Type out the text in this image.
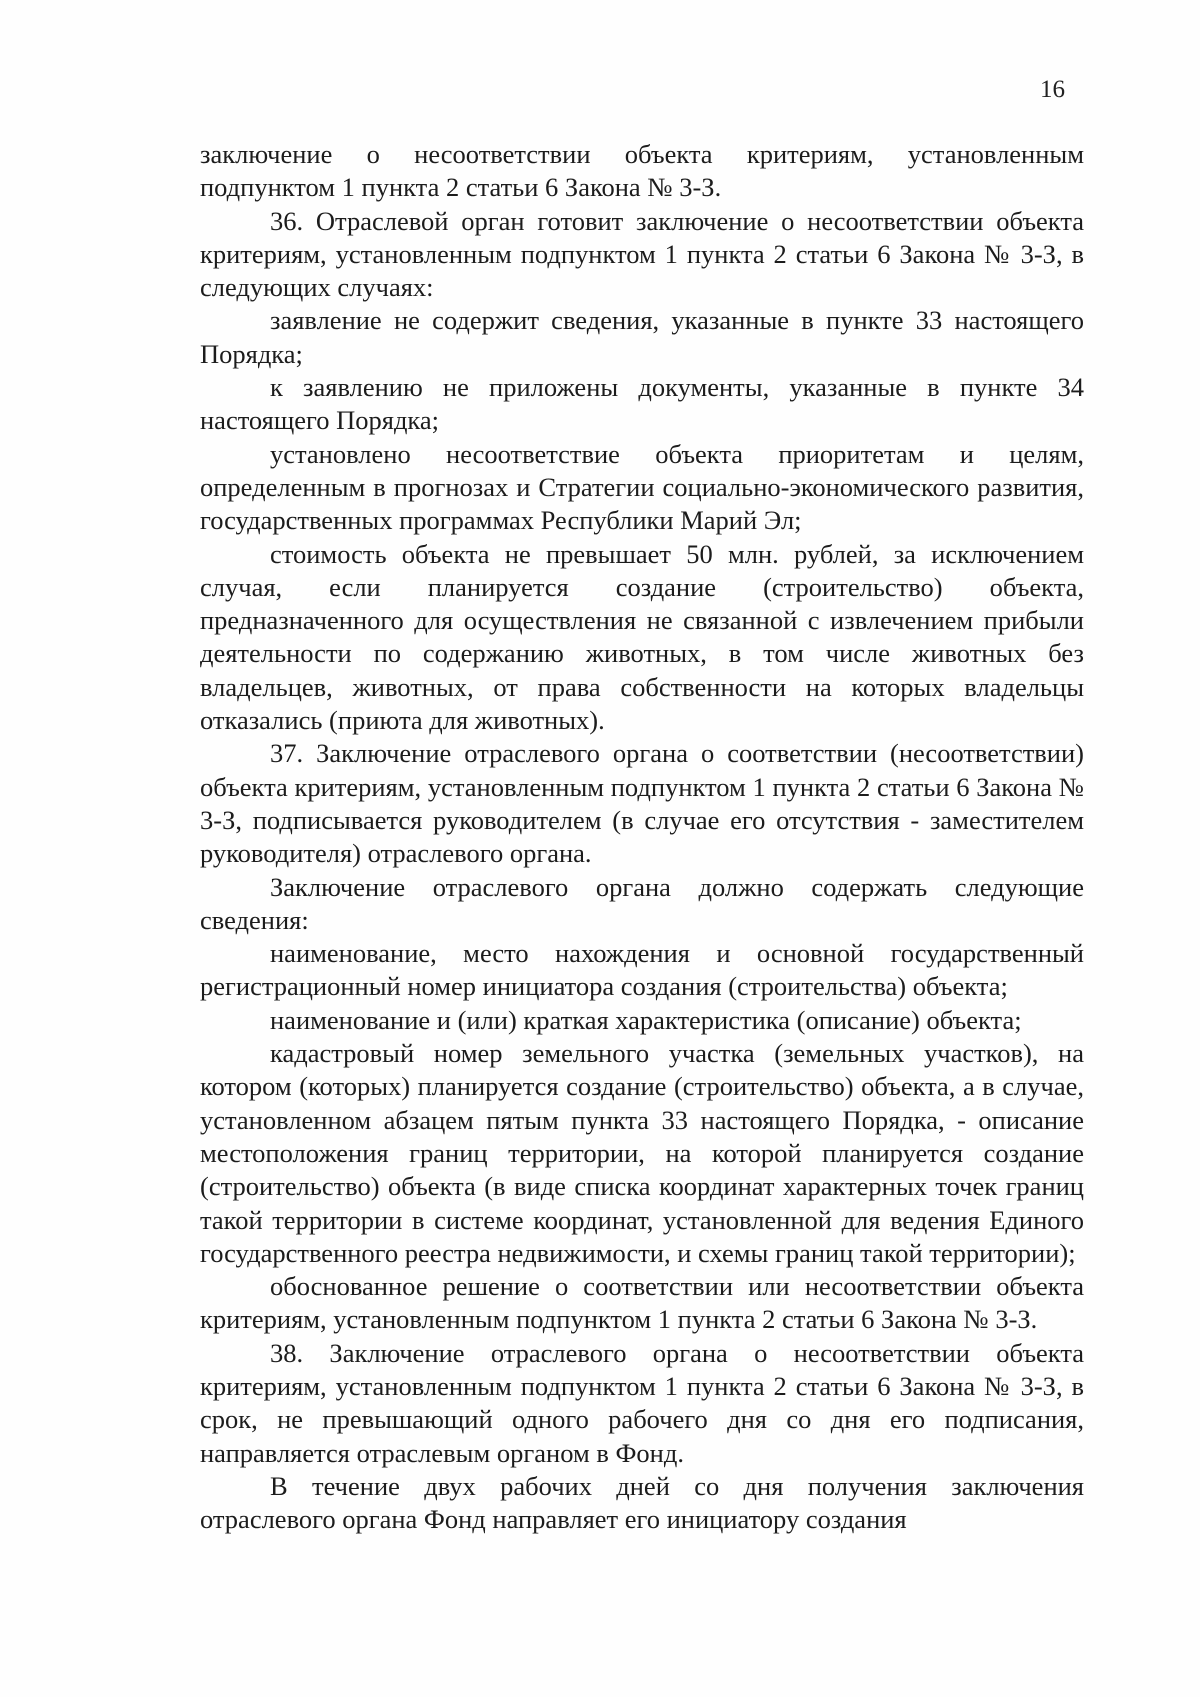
16

заключение о несоответствии объекта критериям, установленным подпунктом 1 пункта 2 статьи 6 Закона № 3-З.

36. Отраслевой орган готовит заключение о несоответствии объекта критериям, установленным подпунктом 1 пункта 2 статьи 6 Закона № 3-З, в следующих случаях:

заявление не содержит сведения, указанные в пункте 33 настоящего Порядка;

к заявлению не приложены документы, указанные в пункте 34 настоящего Порядка;

установлено несоответствие объекта приоритетам и целям, определенным в прогнозах и Стратегии социально-экономического развития, государственных программах Республики Марий Эл;

стоимость объекта не превышает 50 млн. рублей, за исключением случая, если планируется создание (строительство) объекта, предназначенного для осуществления не связанной с извлечением прибыли деятельности по содержанию животных, в том числе животных без владельцев, животных, от права собственности на которых владельцы отказались (приюта для животных).

37. Заключение отраслевого органа о соответствии (несоответствии) объекта критериям, установленным подпунктом 1 пункта 2 статьи 6 Закона № 3-З, подписывается руководителем (в случае его отсутствия - заместителем руководителя) отраслевого органа.

Заключение отраслевого органа должно содержать следующие сведения:

наименование, место нахождения и основной государственный регистрационный номер инициатора создания (строительства) объекта;

наименование и (или) краткая характеристика (описание) объекта;

кадастровый номер земельного участка (земельных участков), на котором (которых) планируется создание (строительство) объекта, а в случае, установленном абзацем пятым пункта 33 настоящего Порядка, - описание местоположения границ территории, на которой планируется создание (строительство) объекта (в виде списка координат характерных точек границ такой территории в системе координат, установленной для ведения Единого государственного реестра недвижимости, и схемы границ такой территории);

обоснованное решение о соответствии или несоответствии объекта критериям, установленным подпунктом 1 пункта 2 статьи 6 Закона № 3-З.

38. Заключение отраслевого органа о несоответствии объекта критериям, установленным подпунктом 1 пункта 2 статьи 6 Закона № 3-З, в срок, не превышающий одного рабочего дня со дня его подписания, направляется отраслевым органом в Фонд.

В течение двух рабочих дней со дня получения заключения отраслевого органа Фонд направляет его инициатору создания
